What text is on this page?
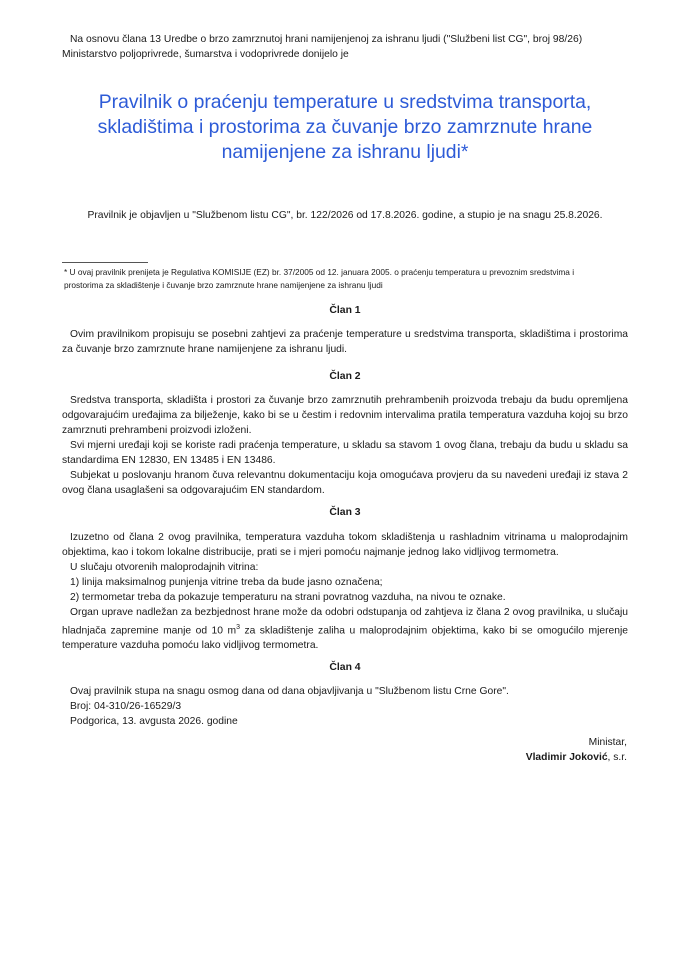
Na osnovu člana 13 Uredbe o brzo zamrznutoj hrani namijenjenoj za ishranu ljudi ("Službeni list CG", broj 98/26)

Ministarstvo poljoprivrede, šumarstva i vodoprivrede donijelo je

Pravilnik o praćenju temperature u sredstvima transporta,
skladištima i prostorima za čuvanje brzo zamrznute hrane
namijenjene za ishranu ljudi*
Pravilnik je objavljen u "Službenom listu CG", br. 122/2026 od 17.8.2026. godine, a stupio je na snagu 25.8.2026.

* U ovaj pravilnik prenijeta je Regulativa KOMISIJE (EZ) br. 37/2005 od 12. januara 2005. o praćenju temperatura u prevoznim sredstvima i

prostorima za skladištenje i čuvanje brzo zamrznute hrane namijenjene za ishranu ljudi

Član 1

Ovim pravilnikom propisuju se posebni zahtjevi za praćenje temperature u sredstvima transporta, skladištima i prostorima za čuvanje brzo zamrznute hrane namijenjene za ishranu ljudi.

Član 2

Sredstva transporta, skladišta i prostori za čuvanje brzo zamrznutih prehrambenih proizvoda trebaju da budu opremljena odgovarajućim uređajima za bilježenje, kako bi se u čestim i redovnim intervalima pratila temperatura vazduha kojoj su brzo zamrznuti prehrambeni proizvodi izloženi.

Svi mjerni uređaji koji se koriste radi praćenja temperature, u skladu sa stavom 1 ovog člana, trebaju da budu u skladu sa standardima EN 12830, EN 13485 i EN 13486.

Subjekat u poslovanju hranom čuva relevantnu dokumentaciju koja omogućava provjeru da su navedeni uređaji iz stava 2 ovog člana usaglašeni sa odgovarajućim EN standardom.

Član 3

Izuzetno od člana 2 ovog pravilnika, temperatura vazduha tokom skladištenja u rashladnim vitrinama u maloprodajnim objektima, kao i tokom lokalne distribucije, prati se i mjeri pomoću najmanje jednog lako vidljivog termometra.

U slučaju otvorenih maloprodajnih vitrina:

1) linija maksimalnog punjenja vitrine treba da bude jasno označena;

2) termometar treba da pokazuje temperaturu na strani povratnog vazduha, na nivou te oznake.

Organ uprave nadležan za bezbjednost hrane može da odobri odstupanja od zahtjeva iz člana 2 ovog pravilnika, u slučaju hladnjača zapremine manje od 10 $m^3$ za skladištenje zaliha u maloprodajnim objektima, kako bi se omogućilo mjerenje temperature vazduha pomoću lako vidljivog termometra.

Član 4

Ovaj pravilnik stupa na snagu osmog dana od dana objavljivanja u "Službenom listu Crne Gore".

Broj: 04-310/26-16529/3

Podgorica, 13. avgusta 2026. godine

Ministar,
Vladimir Joković, s.r.
